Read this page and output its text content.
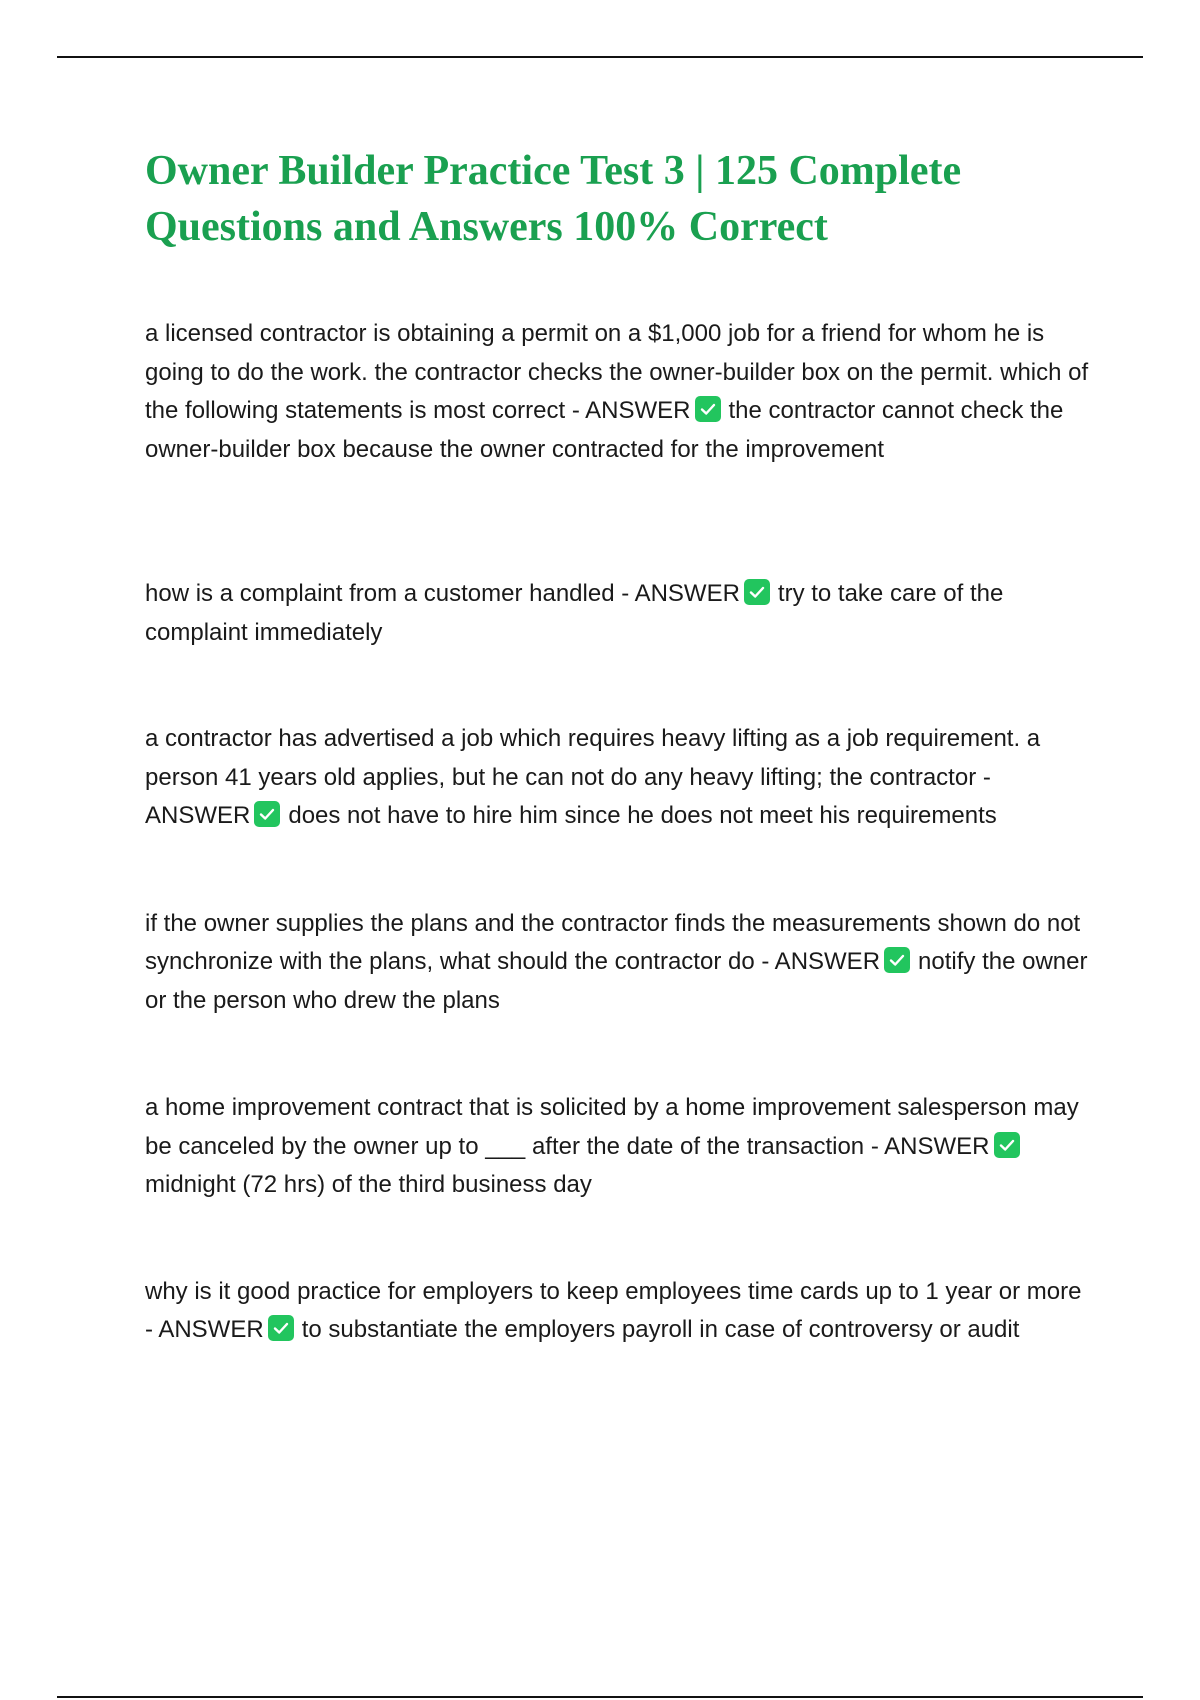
Owner Builder Practice Test 3 | 125 Complete Questions and Answers 100% Correct
a licensed contractor is obtaining a permit on a $1,000 job for a friend for whom he is going to do the work. the contractor checks the owner-builder box on the permit. which of the following statements is most correct - ANSWER the contractor cannot check the owner-builder box because the owner contracted for the improvement
how is a complaint from a customer handled - ANSWER try to take care of the complaint immediately
a contractor has advertised a job which requires heavy lifting as a job requirement. a person 41 years old applies, but he can not do any heavy lifting; the contractor - ANSWER does not have to hire him since he does not meet his requirements
if the owner supplies the plans and the contractor finds the measurements shown do not synchronize with the plans, what should the contractor do - ANSWER notify the owner or the person who drew the plans
a home improvement contract that is solicited by a home improvement salesperson may be canceled by the owner up to ___ after the date of the transaction - ANSWER
midnight (72 hrs) of the third business day
why is it good practice for employers to keep employees time cards up to 1 year or more - ANSWER to substantiate the employers payroll in case of controversy or audit
